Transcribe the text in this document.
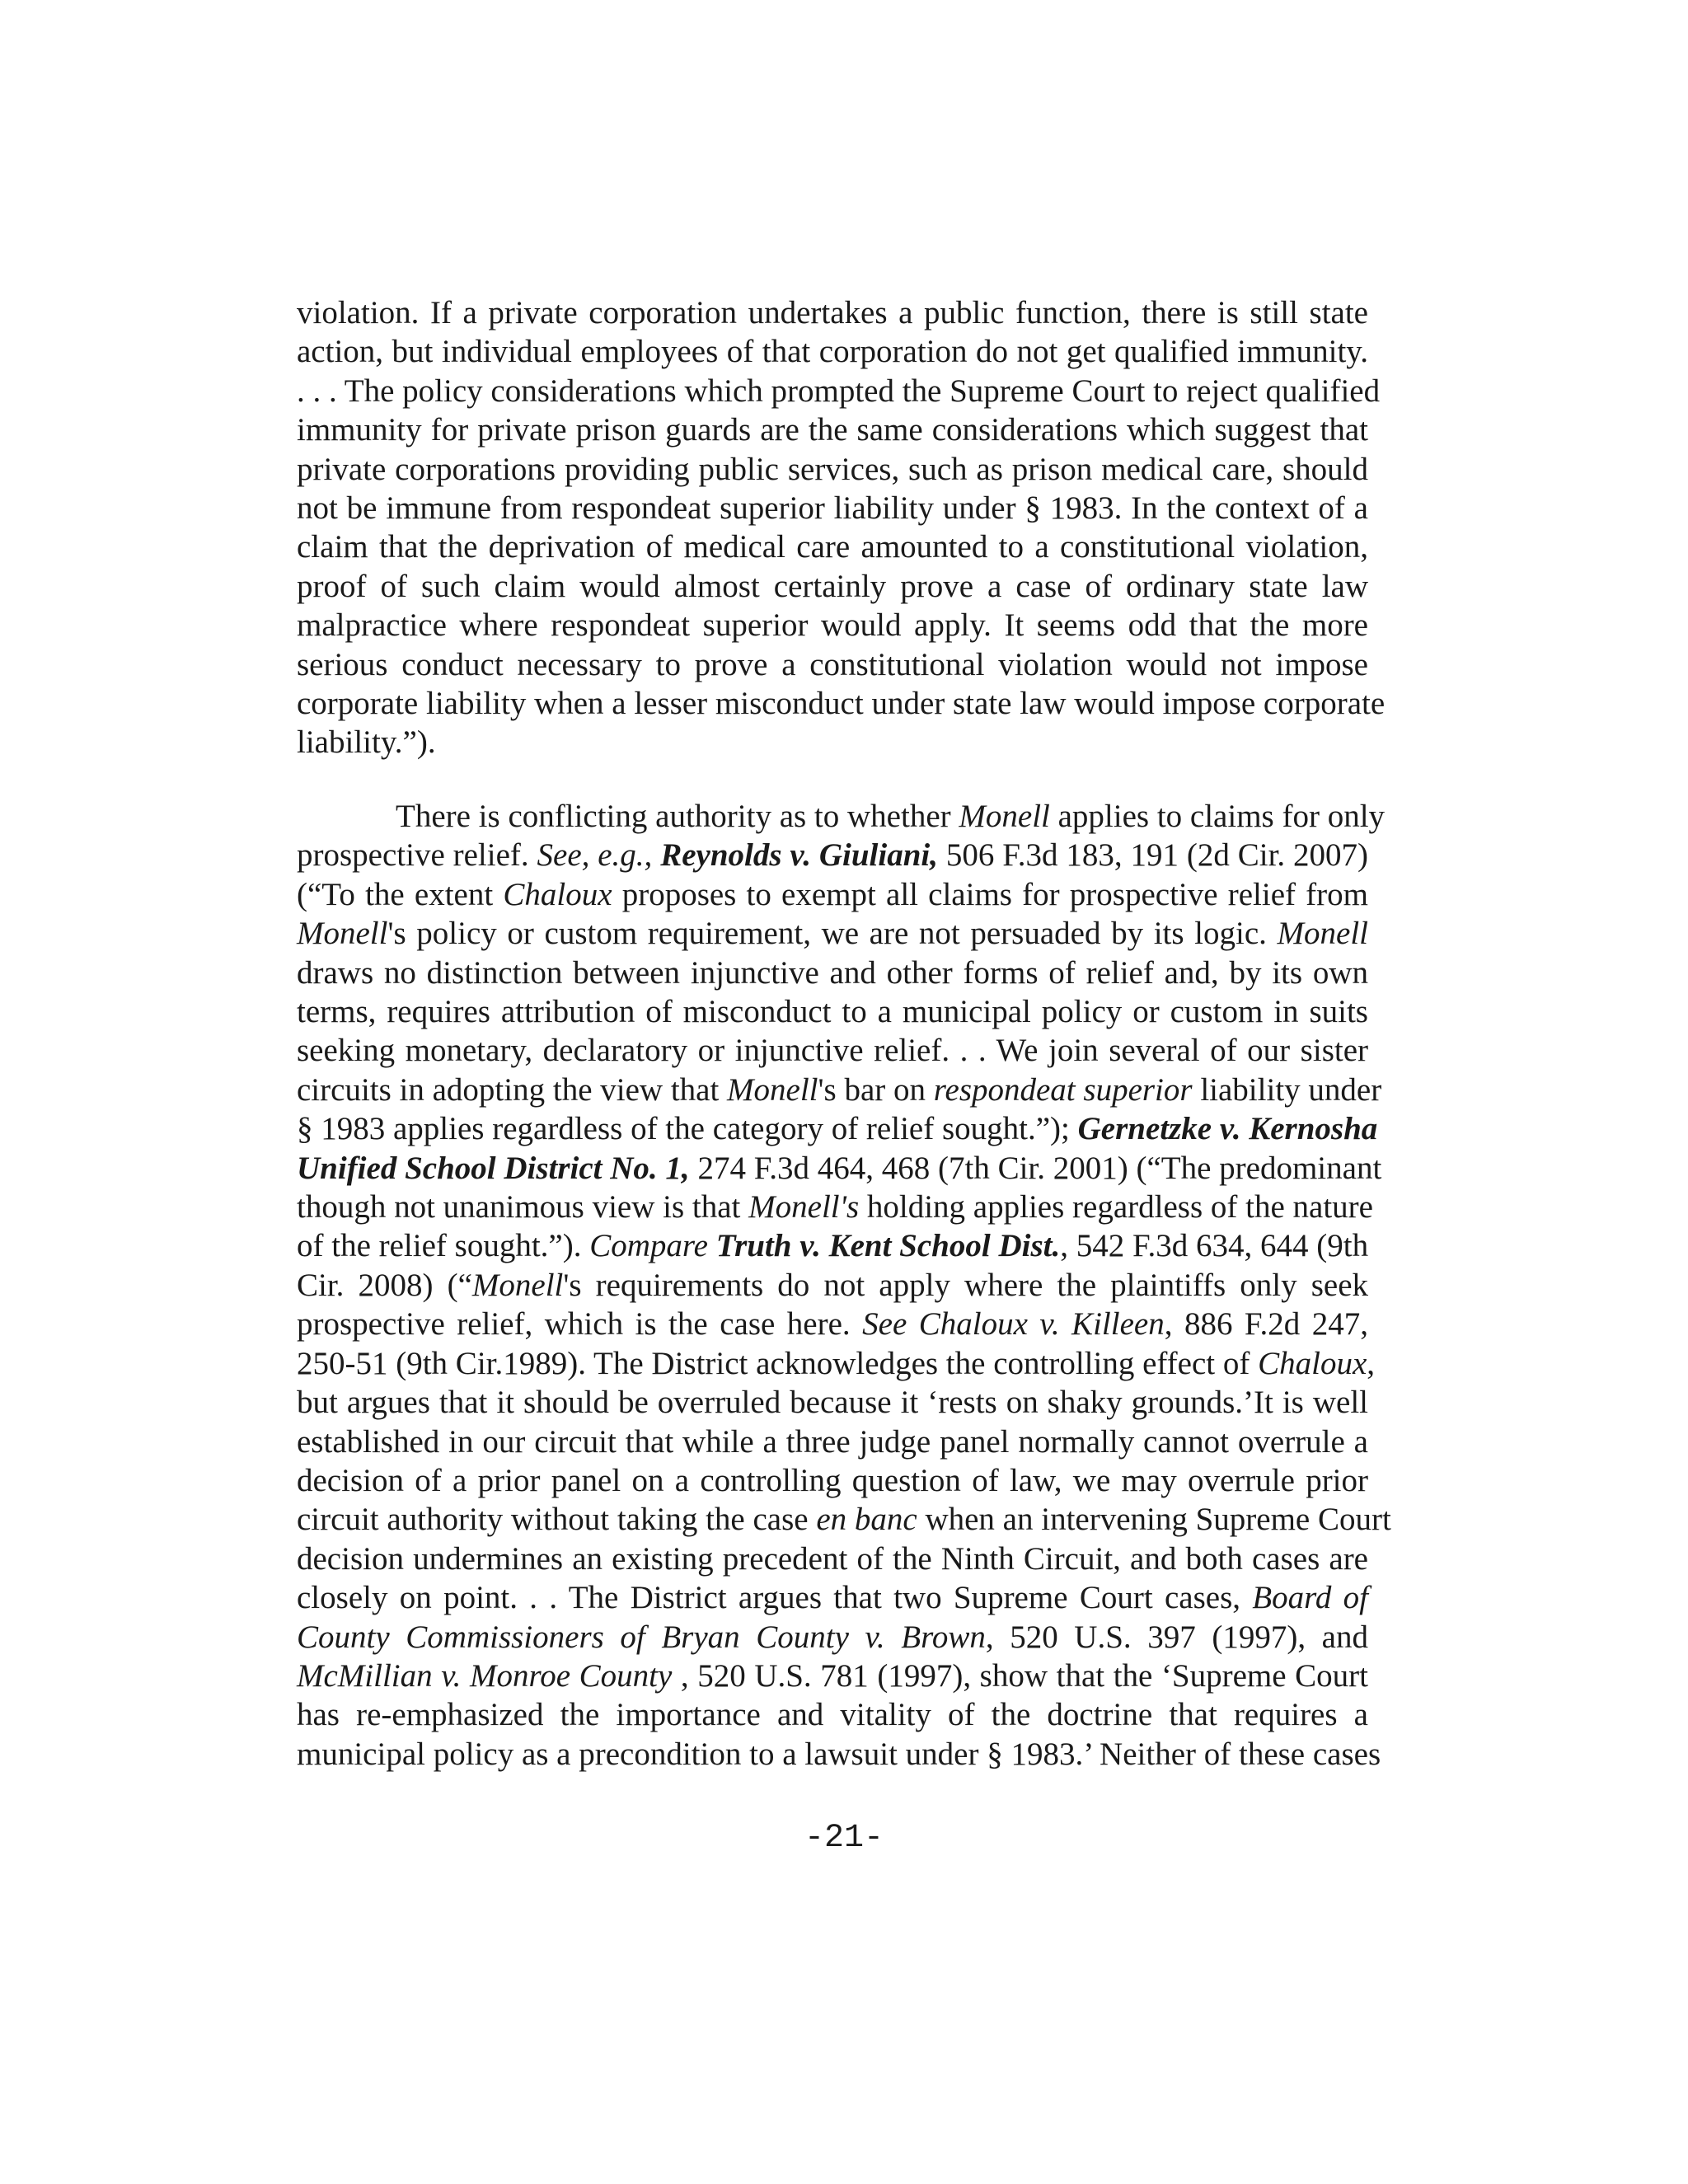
violation. If a private corporation undertakes a public function, there is still state
action, but individual employees of that corporation do not get qualified immunity.
. . . The policy considerations which prompted the Supreme Court to reject qualified
immunity for private prison guards are the same considerations which suggest that
private corporations providing public services, such as prison medical care, should
not be immune from respondeat superior liability under § 1983. In the context of a
claim that the deprivation of medical care amounted to a constitutional violation,
proof of such claim would almost certainly prove a case of ordinary state law
malpractice where respondeat superior would apply. It seems odd that the more
serious conduct necessary to prove a constitutional violation would not impose
corporate liability when a lesser misconduct under state law would impose corporate
liability.”).
There is conflicting authority as to whether Monell applies to claims for only
prospective relief. See, e.g., Reynolds v. Giuliani, 506 F.3d 183, 191 (2d Cir. 2007)
(“To the extent Chaloux proposes to exempt all claims for prospective relief from
Monell's policy or custom requirement, we are not persuaded by its logic. Monell
draws no distinction between injunctive and other forms of relief and, by its own
terms, requires attribution of misconduct to a municipal policy or custom in suits
seeking monetary, declaratory or injunctive relief. . . We join several of our sister
circuits in adopting the view that Monell's bar on respondeat superior liability under
§ 1983 applies regardless of the category of relief sought.”); Gernetzke v. Kernosha
Unified School District No. 1, 274 F.3d 464, 468 (7th Cir. 2001) (“The predominant
though not unanimous view is that Monell's holding applies regardless of the nature
of the relief sought.”). Compare Truth v. Kent School Dist., 542 F.3d 634, 644 (9th
Cir. 2008) (“Monell's requirements do not apply where the plaintiffs only seek
prospective relief, which is the case here. See Chaloux v. Killeen, 886 F.2d 247,
250-51 (9th Cir.1989). The District acknowledges the controlling effect of Chaloux,
but argues that it should be overruled because it ‘rests on shaky grounds.’It is well
established in our circuit that while a three judge panel normally cannot overrule a
decision of a prior panel on a controlling question of law, we may overrule prior
circuit authority without taking the case en banc when an intervening Supreme Court
decision undermines an existing precedent of the Ninth Circuit, and both cases are
closely on point. . . The District argues that two Supreme Court cases, Board of
County Commissioners of Bryan County v. Brown, 520 U.S. 397 (1997), and
McMillian v. Monroe County , 520 U.S. 781 (1997), show that the ‘Supreme Court
has re-emphasized the importance and vitality of the doctrine that requires a
municipal policy as a precondition to a lawsuit under § 1983.’ Neither of these cases
-21-
